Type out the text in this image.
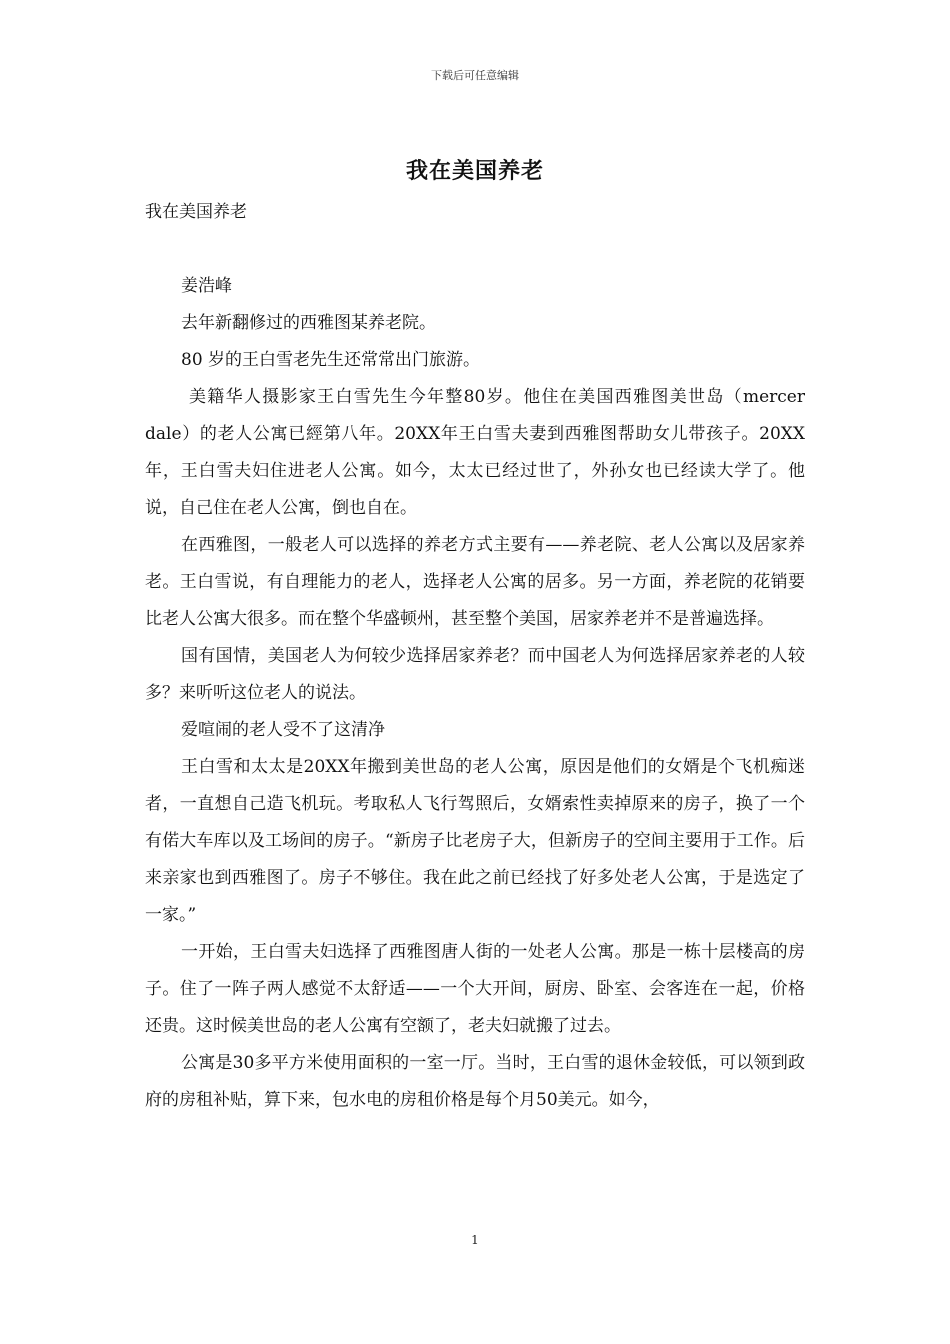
下载后可任意编辑
我在美国养老

我在美国养老

姜浩峰

去年新翻修过的西雅图某养老院。

80 岁的王白雪老先生还常常出门旅游。

美籍华人摄影家王白雪先生今年整80岁。他住在美国西雅图美世岛（mercer dale）的老人公寓已經第八年。20XX年王白雪夫妻到西雅图帮助女儿带孩子。20XX年，王白雪夫妇住进老人公寓。如今，太太已经过世了，外孙女也已经读大学了。他说，自己住在老人公寓，倒也自在。

在西雅图，一般老人可以选择的养老方式主要有——养老院、老人公寓以及居家养老。王白雪说，有自理能力的老人，选择老人公寓的居多。另一方面，养老院的花销要比老人公寓大很多。而在整个华盛顿州，甚至整个美国，居家养老并不是普遍选择。

国有国情，美国老人为何较少选择居家养老？而中国老人为何选择居家养老的人较多？来听听这位老人的说法。

爱喧闹的老人受不了这清净

王白雪和太太是20XX年搬到美世岛的老人公寓，原因是他们的女婿是个飞机痴迷者，一直想自己造飞机玩。考取私人飞行驾照后，女婿索性卖掉原来的房子，换了一个有偌大车库以及工场间的房子。“新房子比老房子大，但新房子的空间主要用于工作。后来亲家也到西雅图了。房子不够住。我在此之前已经找了好多处老人公寓，于是选定了一家。”

一开始，王白雪夫妇选择了西雅图唐人街的一处老人公寓。那是一栋十层楼高的房子。住了一阵子两人感觉不太舒适——一个大开间，厨房、卧室、会客连在一起，价格还贵。这时候美世岛的老人公寓有空额了，老夫妇就搬了过去。

公寓是30多平方米使用面积的一室一厅。当时，王白雪的退休金较低，可以领到政府的房租补贴，算下来，包水电的房租价格是每个月50美元。如今，

1
